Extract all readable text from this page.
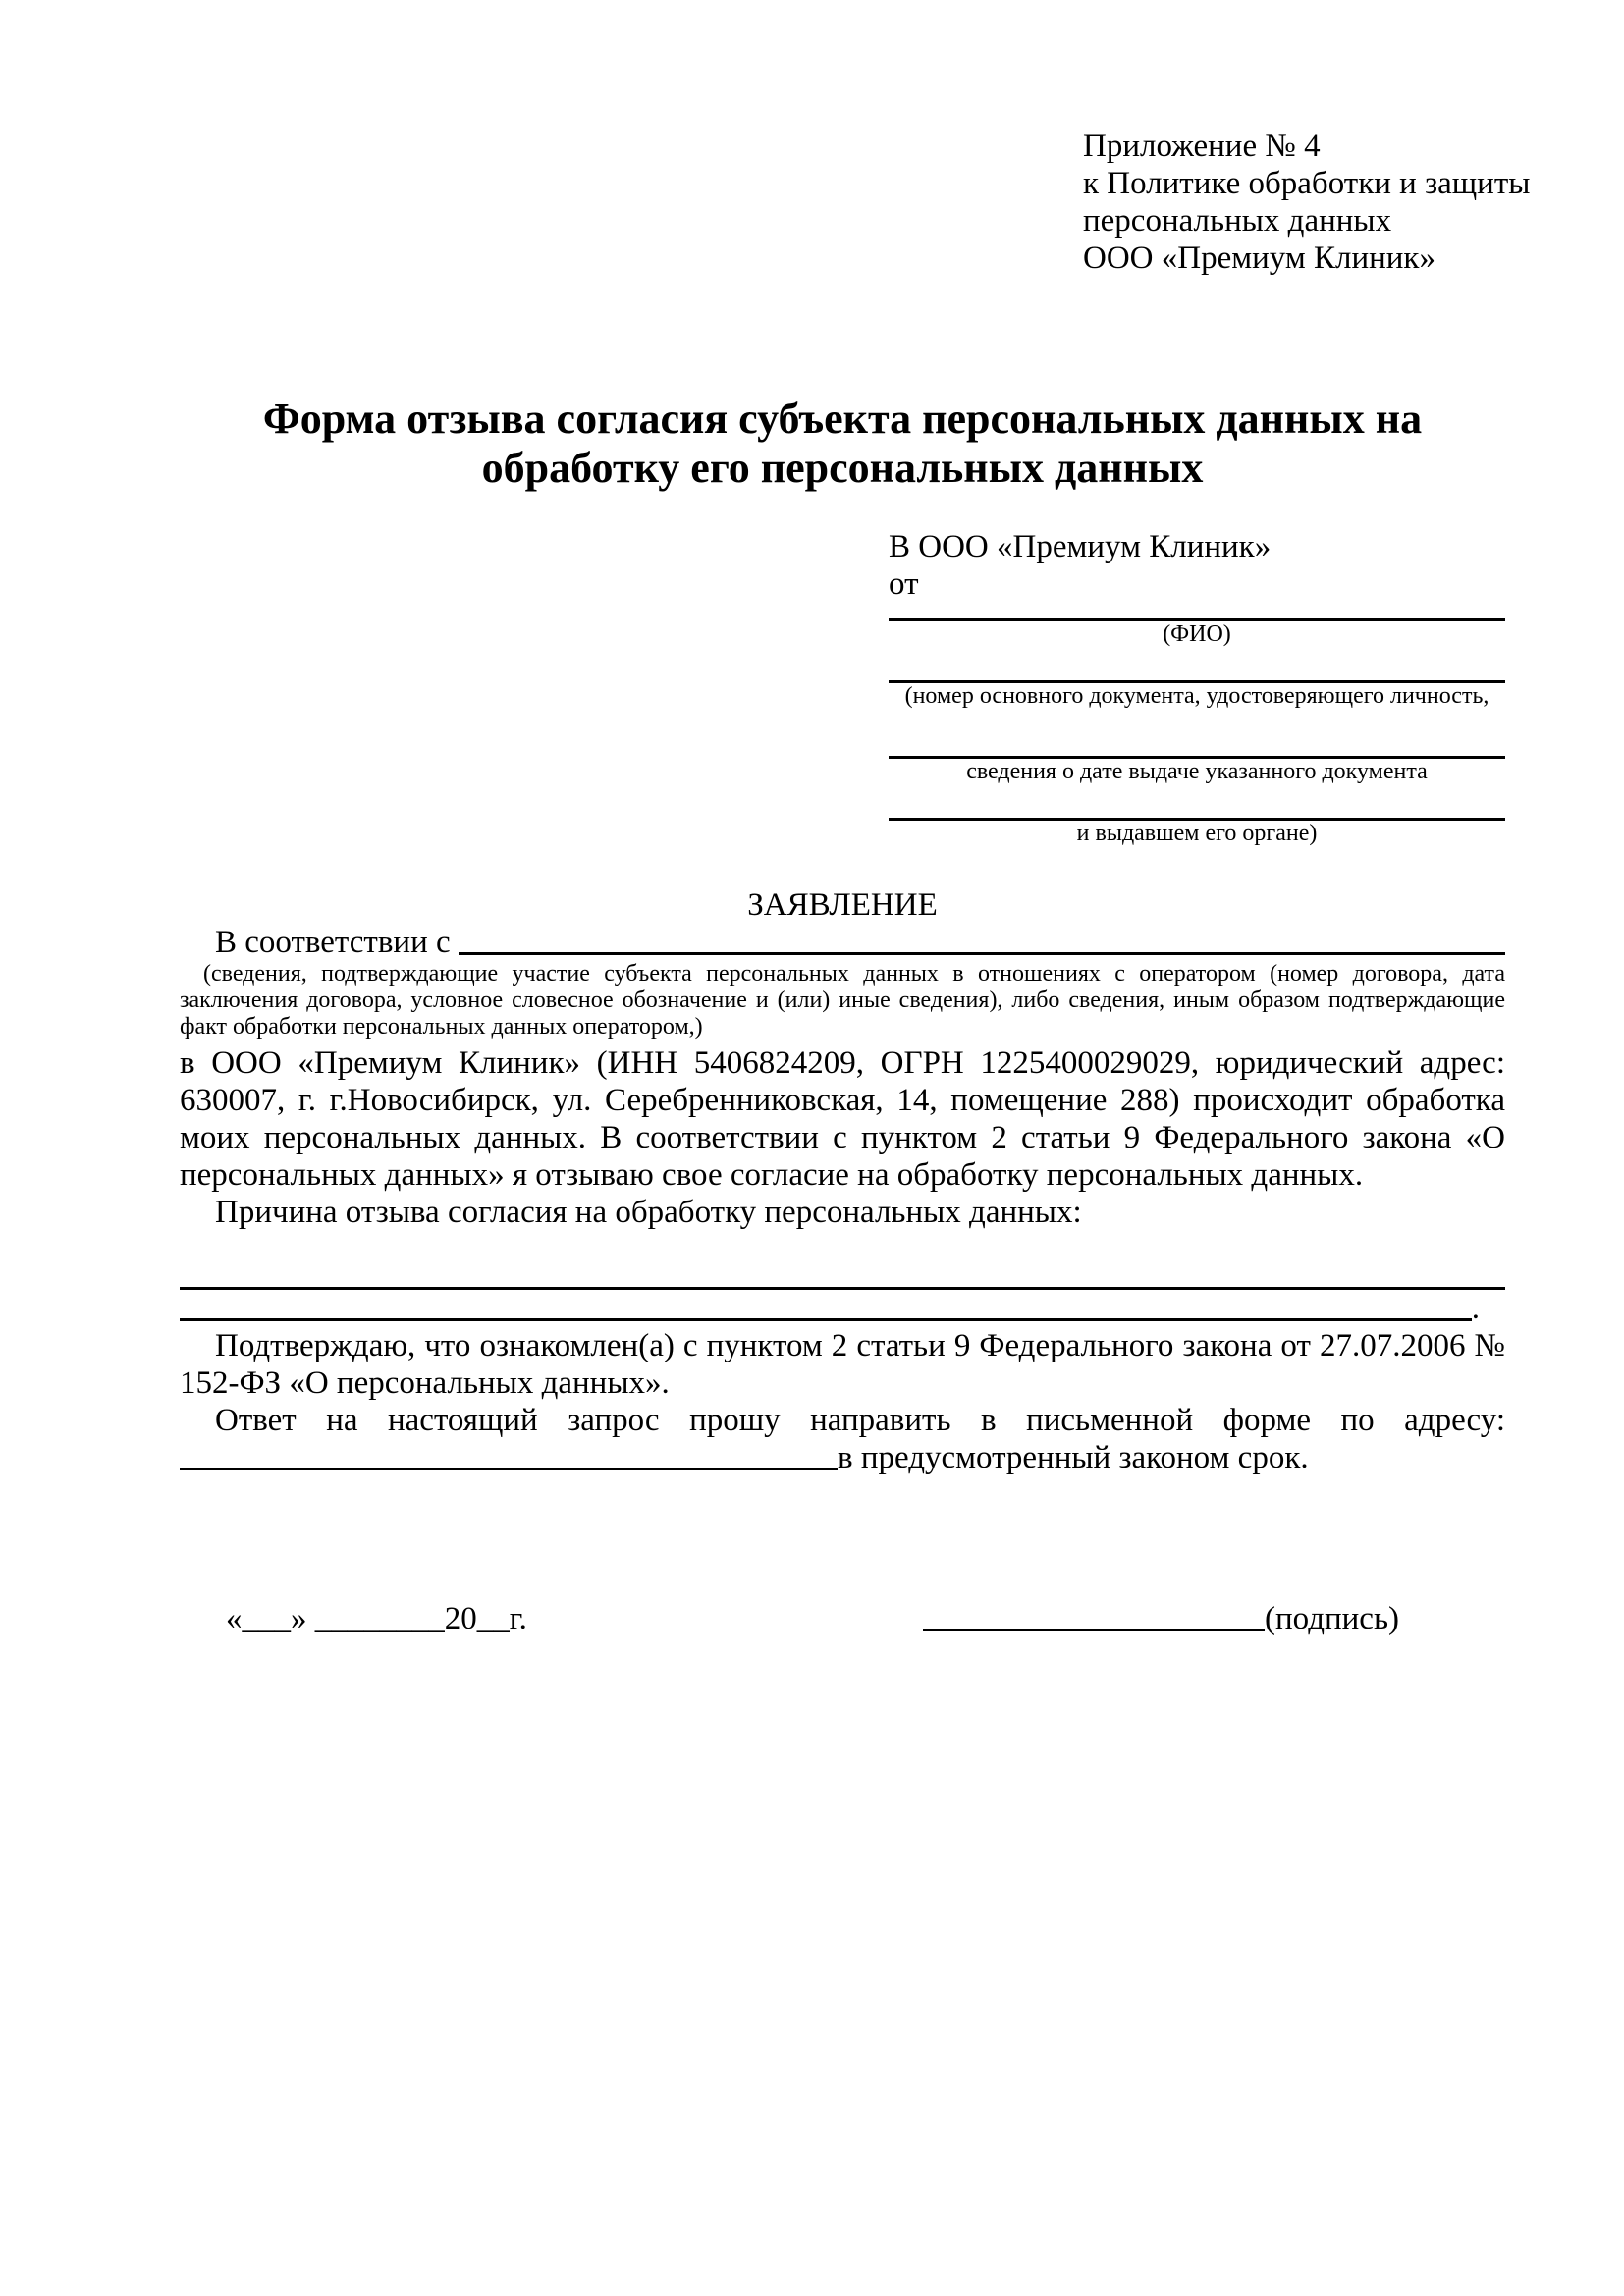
Приложение № 4
к Политике обработки и защиты
персональных данных
ООО «Премиум Клиник»
Форма отзыва согласия субъекта персональных данных на обработку его персональных данных
В ООО «Премиум Клиник»
от
(ФИО)
(номер основного документа, удостоверяющего личность,
сведения о дате выдаче указанного документа
и выдавшем его органе)
ЗАЯВЛЕНИЕ
В соответствии с
(сведения, подтверждающие участие субъекта персональных данных в отношениях с оператором (номер договора, дата заключения договора, условное словесное обозначение и (или) иные сведения), либо сведения, иным образом подтверждающие факт обработки персональных данных оператором,)

в ООО «Премиум Клиник» (ИНН 5406824209, ОГРН 1225400029029, юридический адрес: 630007, г. г.Новосибирск, ул. Серебренниковская, 14, помещение 288) происходит обработка моих персональных данных. В соответствии с пунктом 2 статьи 9 Федерального закона «О персональных данных» я отзываю свое согласие на обработку персональных данных.

Причина отзыва согласия на обработку персональных данных:
.

Подтверждаю, что ознакомлен(а) с пунктом 2 статьи 9 Федерального закона от 27.07.2006 № 152-ФЗ «О персональных данных».

Ответ на настоящий запрос прошу направить в письменной форме по адресу:
в предусмотренный законом срок.
«___» ________20__г.	(подпись)
